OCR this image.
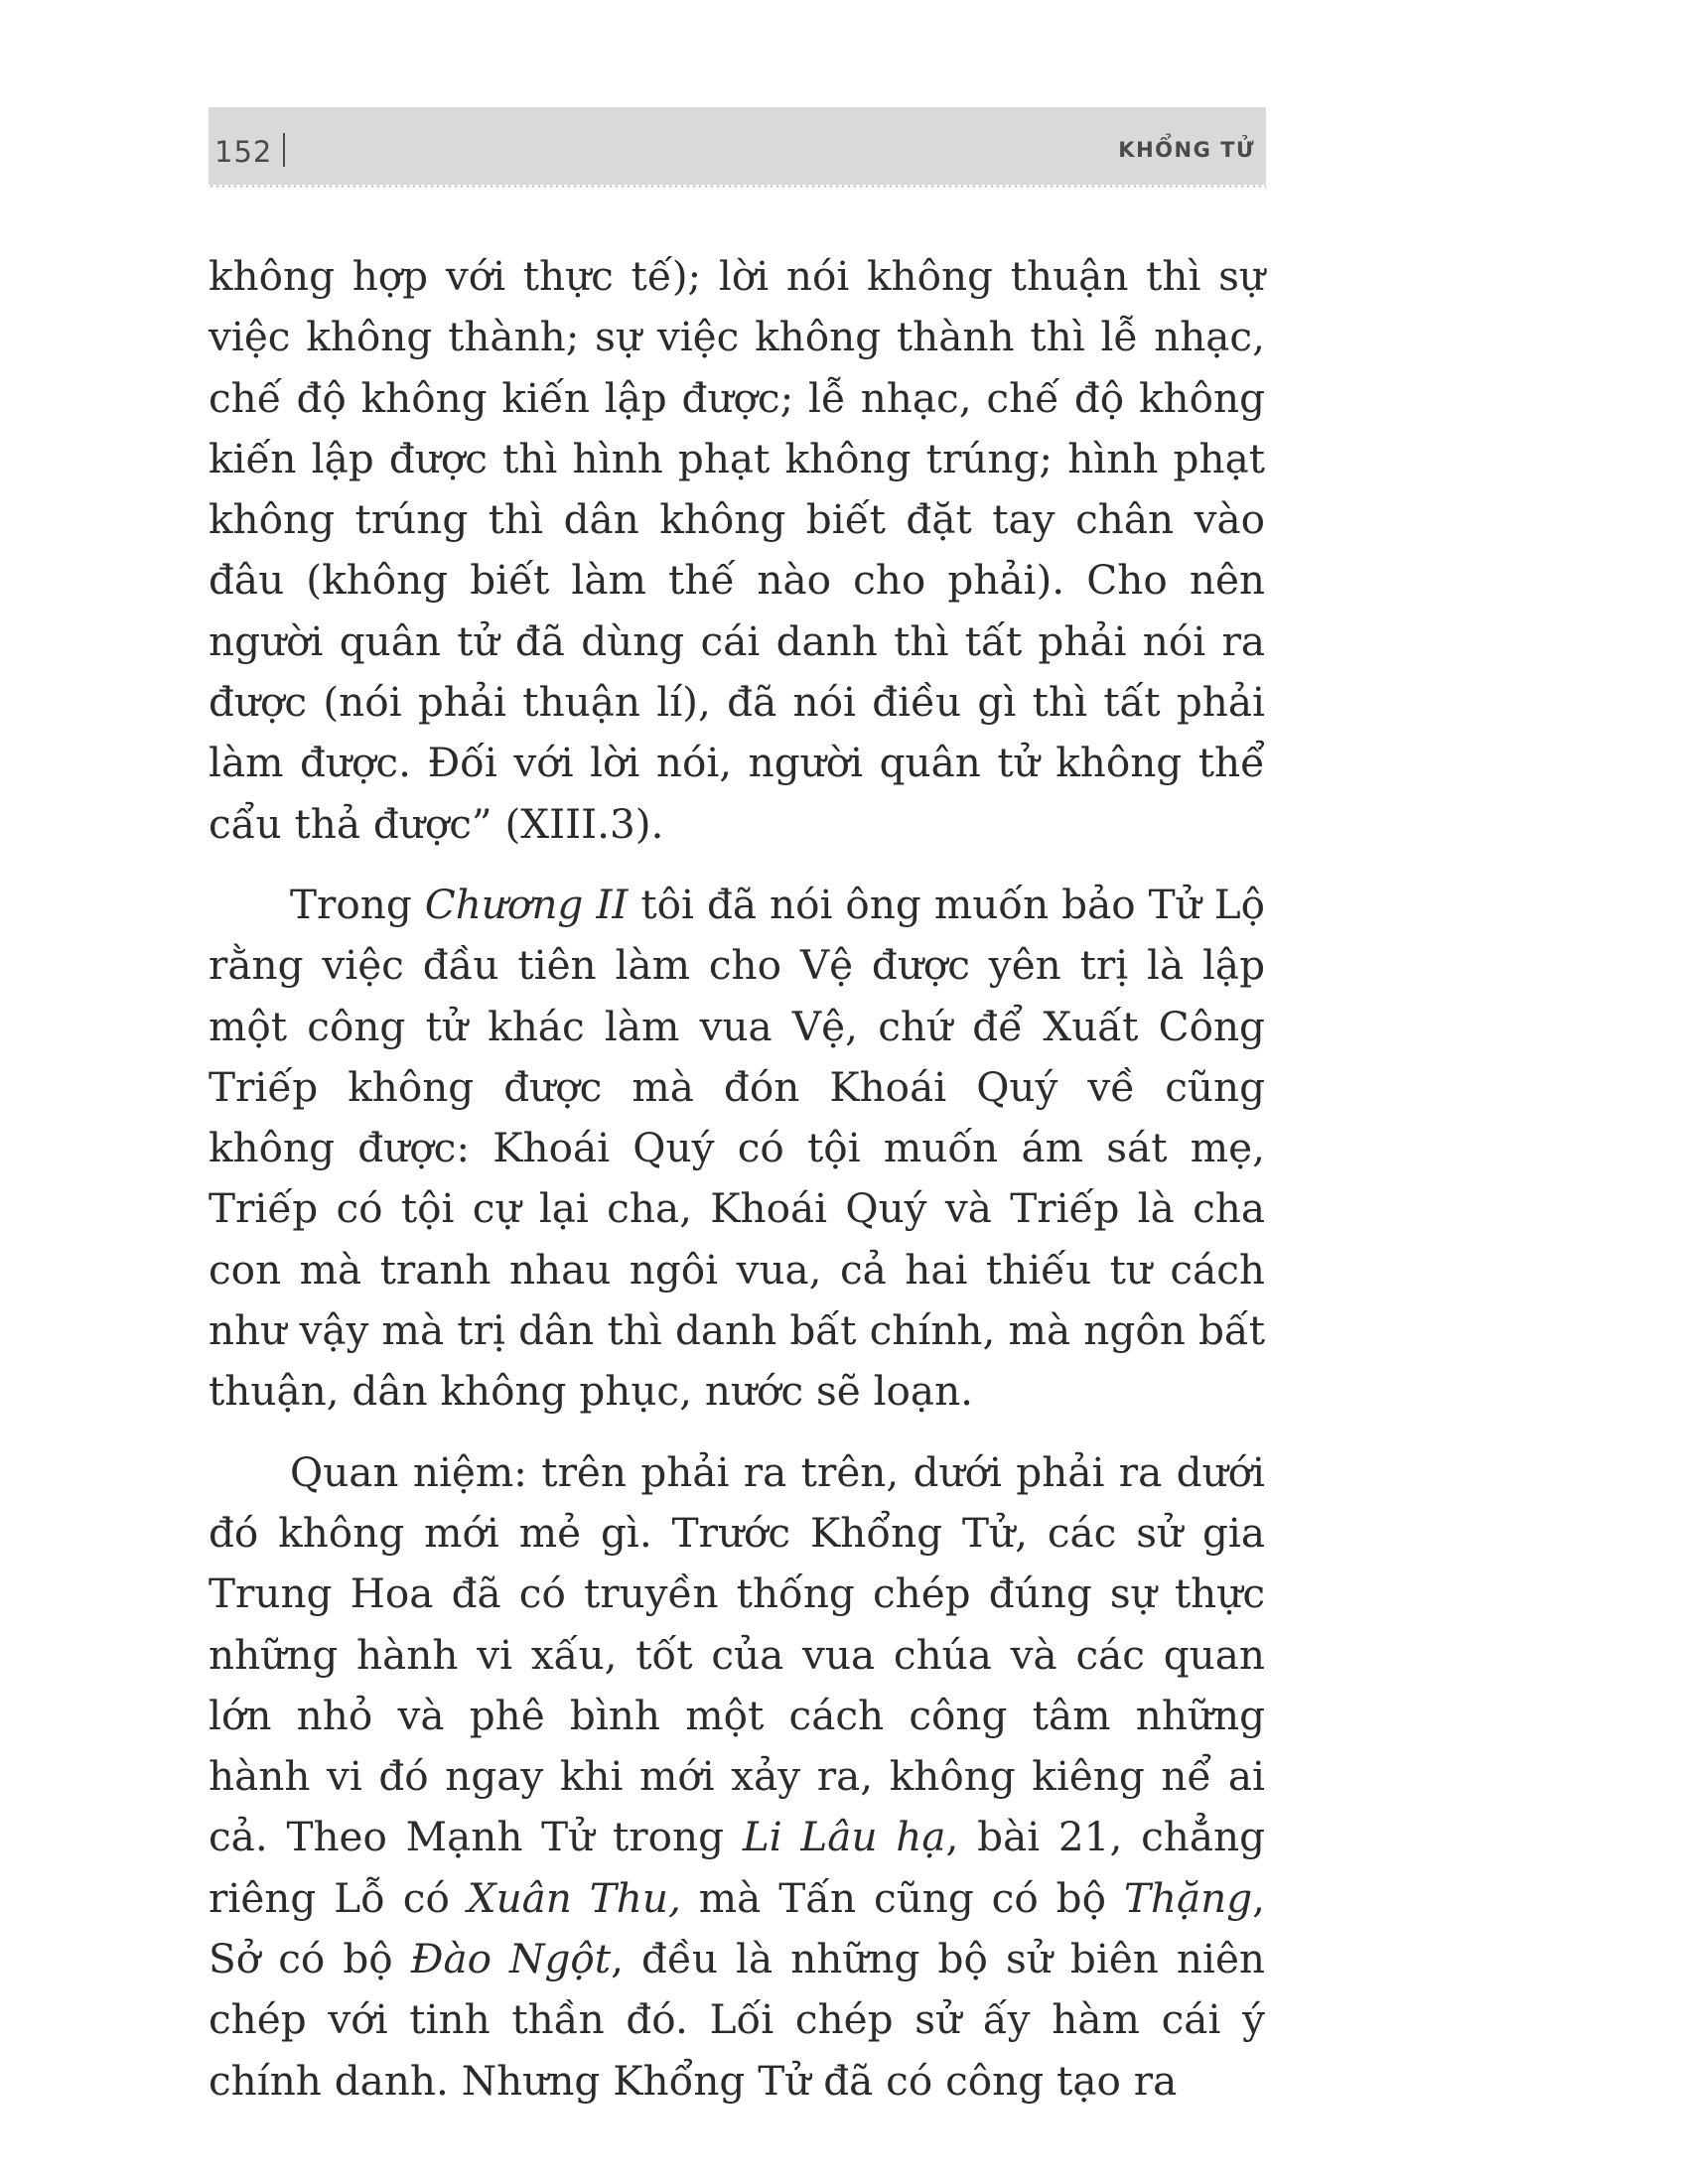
152	KHỔNG TỬ

không hợp với thực tế); lời nói không thuận thì sự việc không thành; sự việc không thành thì lễ nhạc, chế độ không kiến lập được; lễ nhạc, chế độ không kiến lập được thì hình phạt không trúng; hình phạt không trúng thì dân không biết đặt tay chân vào đâu (không biết làm thế nào cho phải). Cho nên người quân tử đã dùng cái danh thì tất phải nói ra được (nói phải thuận lí), đã nói điều gì thì tất phải làm được. Đối với lời nói, người quân tử không thể cẩu thả được” (XIII.3).

Trong Chương II tôi đã nói ông muốn bảo Tử Lộ rằng việc đầu tiên làm cho Vệ được yên trị là lập một công tử khác làm vua Vệ, chứ để Xuất Công Triếp không được mà đón Khoái Quý về cũng không được: Khoái Quý có tội muốn ám sát mẹ, Triếp có tội cự lại cha, Khoái Quý và Triếp là cha con mà tranh nhau ngôi vua, cả hai thiếu tư cách như vậy mà trị dân thì danh bất chính, mà ngôn bất thuận, dân không phục, nước sẽ loạn.

Quan niệm: trên phải ra trên, dưới phải ra dưới đó không mới mẻ gì. Trước Khổng Tử, các sử gia Trung Hoa đã có truyền thống chép đúng sự thực những hành vi xấu, tốt của vua chúa và các quan lớn nhỏ và phê bình một cách công tâm những hành vi đó ngay khi mới xảy ra, không kiêng nể ai cả. Theo Mạnh Tử trong Li Lâu hạ, bài 21, chẳng riêng Lỗ có Xuân Thu, mà Tấn cũng có bộ Thặng, Sở có bộ Đào Ngột, đều là những bộ sử biên niên chép với tinh thần đó. Lối chép sử ấy hàm cái ý chính danh. Nhưng Khổng Tử đã có công tạo ra
